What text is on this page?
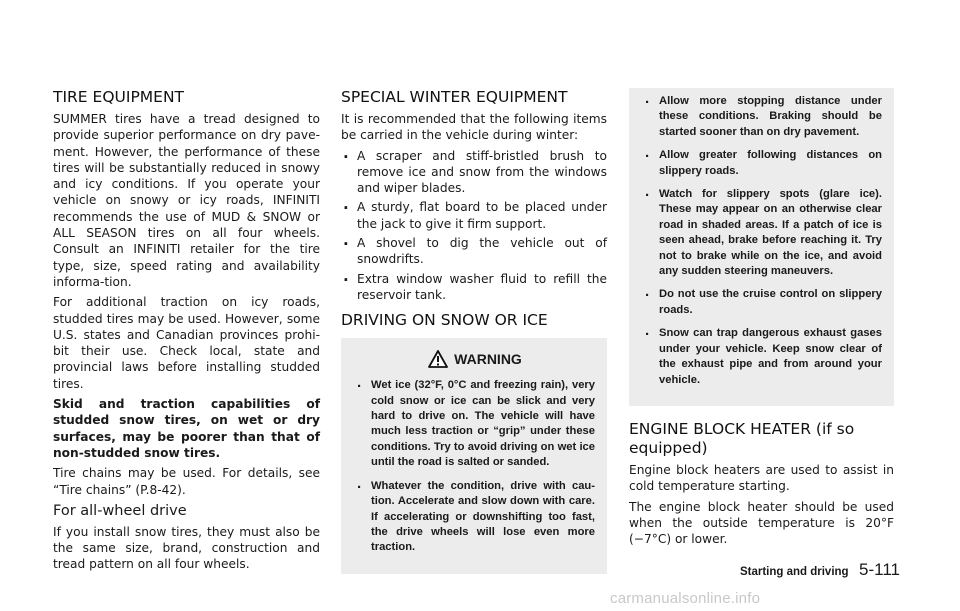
TIRE EQUIPMENT

SUMMER tires have a tread designed to provide superior performance on dry pave-ment. However, the performance of these tires will be substantially reduced in snowy and icy conditions. If you operate your vehicle on snowy or icy roads, INFINITI recommends the use of MUD & SNOW or ALL SEASON tires on all four wheels. Consult an INFINITI retailer for the tire type, size, speed rating and availability informa-tion.

For additional traction on icy roads, studded tires may be used. However, some U.S. states and Canadian provinces prohi-bit their use. Check local, state and provincial laws before installing studded tires.

Skid and traction capabilities of studded snow tires, on wet or dry surfaces, may be poorer than that of non-studded snow tires.

Tire chains may be used. For details, see “Tire chains” (P.8-42).

For all-wheel drive

If you install snow tires, they must also be the same size, brand, construction and tread pattern on all four wheels.

SPECIAL WINTER EQUIPMENT

It is recommended that the following items be carried in the vehicle during winter:

. A scraper and stiff-bristled brush to remove ice and snow from the windows and wiper blades.
. A sturdy, flat board to be placed under the jack to give it firm support.
. A shovel to dig the vehicle out of snowdrifts.
. Extra window washer fluid to refill the reservoir tank.
DRIVING ON SNOW OR ICE
WARNING
. Wet ice (32°F, 0°C and freezing rain), very cold snow or ice can be slick and very hard to drive on. The vehicle will have much less traction or “grip” under these conditions. Try to avoid driving on wet ice until the road is salted or sanded.
. Whatever the condition, drive with cau-tion. Accelerate and slow down with care. If accelerating or downshifting too fast, the drive wheels will lose even more traction.
. Allow more stopping distance under these conditions. Braking should be started sooner than on dry pavement.
. Allow greater following distances on slippery roads.
. Watch for slippery spots (glare ice). These may appear on an otherwise clear road in shaded areas. If a patch of ice is seen ahead, brake before reaching it. Try not to brake while on the ice, and avoid any sudden steering maneuvers.
. Do not use the cruise control on slippery roads.
. Snow can trap dangerous exhaust gases under your vehicle. Keep snow clear of the exhaust pipe and from around your vehicle.
ENGINE BLOCK HEATER (if so equipped)

Engine block heaters are used to assist in cold temperature starting.

The engine block heater should be used when the outside temperature is 20°F (−7°C) or lower.

Starting and driving 5-111
carmanualsonline.info
